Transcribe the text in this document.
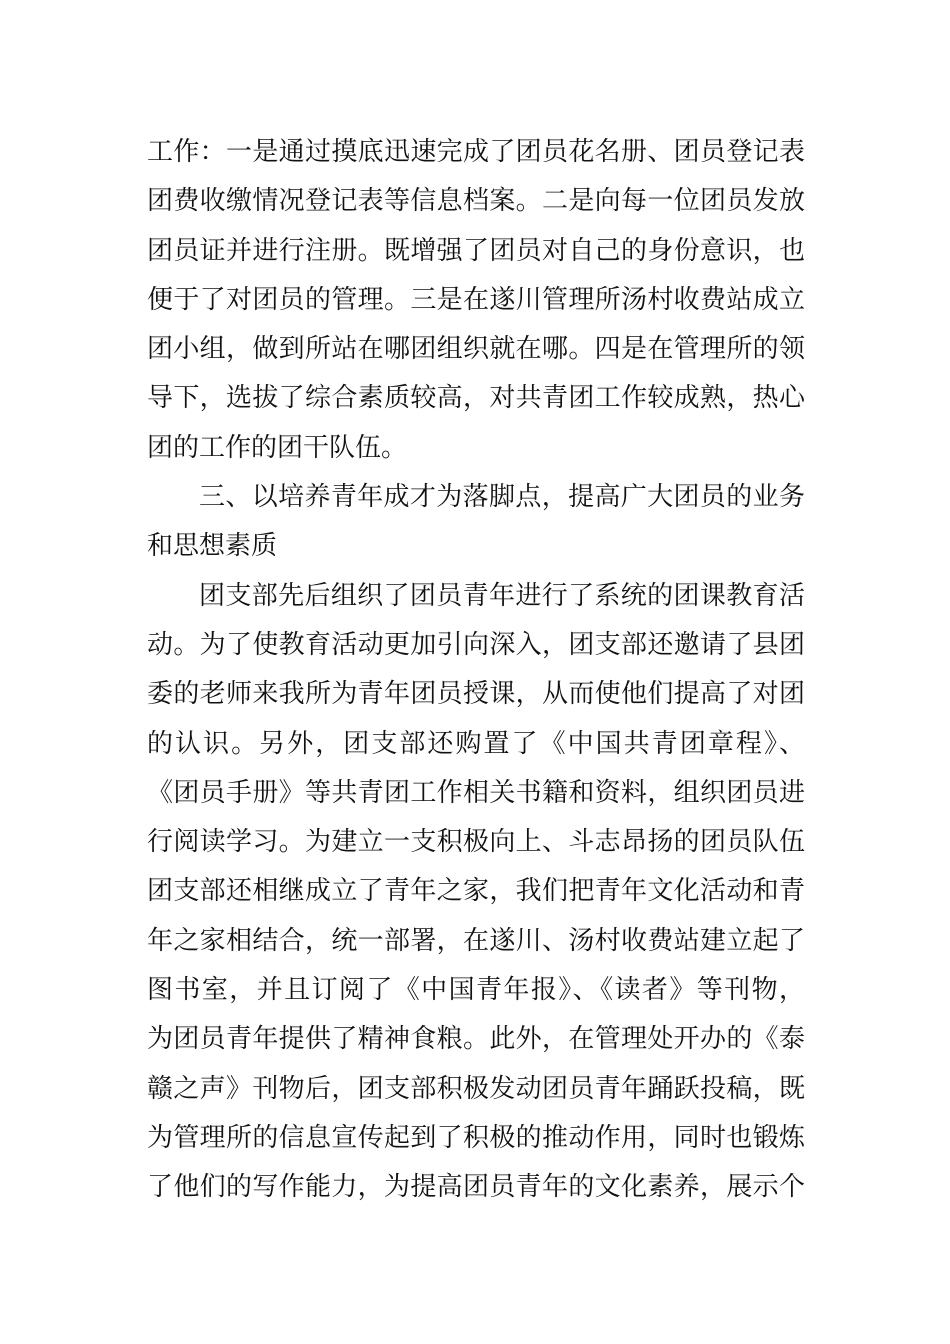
工作：一是通过摸底迅速完成了团员花名册、团员登记表
团费收缴情况登记表等信息档案。二是向每一位团员发放
团员证并进行注册。既增强了团员对自己的身份意识，也
便于了对团员的管理。三是在遂川管理所汤村收费站成立
团小组，做到所站在哪团组织就在哪。四是在管理所的领
导下，选拔了综合素质较高，对共青团工作较成熟，热心
团的工作的团干队伍。
三、以培养青年成才为落脚点，提高广大团员的业务
和思想素质
团支部先后组织了团员青年进行了系统的团课教育活
动。为了使教育活动更加引向深入，团支部还邀请了县团
委的老师来我所为青年团员授课，从而使他们提高了对团
的认识。另外，团支部还购置了《中国共青团章程》、
《团员手册》等共青团工作相关书籍和资料，组织团员进
行阅读学习。为建立一支积极向上、斗志昂扬的团员队伍
团支部还相继成立了青年之家，我们把青年文化活动和青
年之家相结合，统一部署，在遂川、汤村收费站建立起了
图书室，并且订阅了《中国青年报》、《读者》等刊物，
为团员青年提供了精神食粮。此外，在管理处开办的《泰
赣之声》刊物后，团支部积极发动团员青年踊跃投稿，既
为管理所的信息宣传起到了积极的推动作用，同时也锻炼
了他们的写作能力，为提高团员青年的文化素养，展示个
